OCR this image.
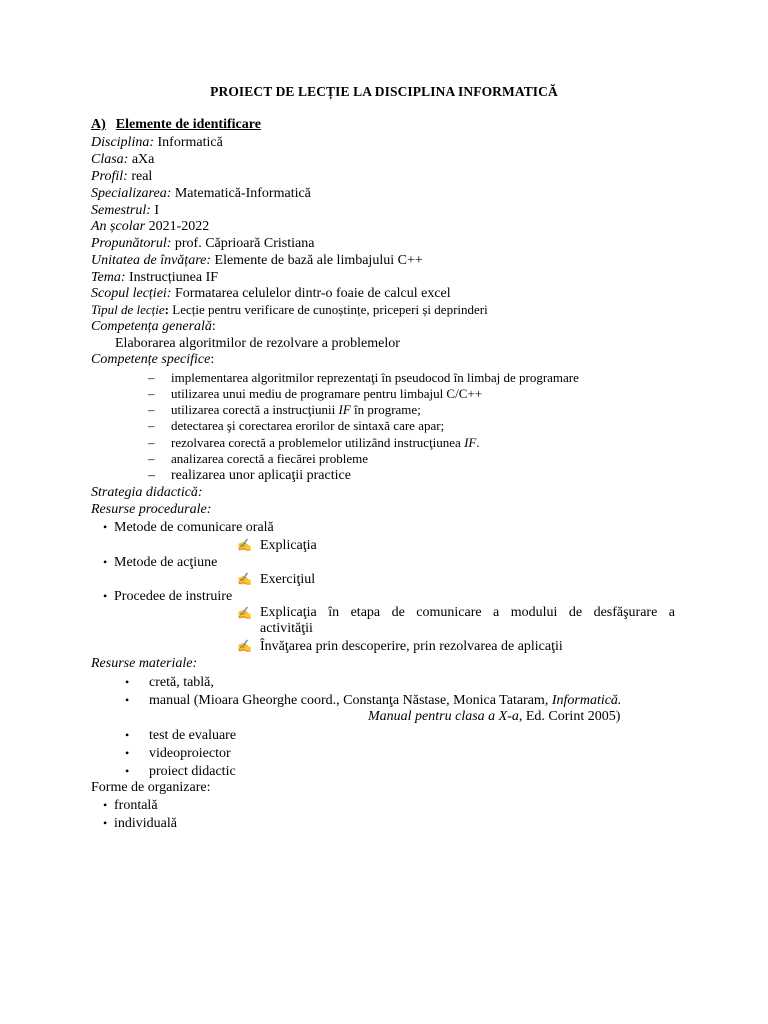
PROIECT DE LECȚIE LA DISCIPLINA INFORMATICĂ
A) Elemente de identificare
Disciplina: Informatică
Clasa: aXa
Profil: real
Specializarea: Matematică-Informatică
Semestrul: I
An școlar 2021-2022
Propunătorul: prof. Căprioară Cristiana
Unitatea de învățare: Elemente de bază ale limbajului C++
Tema: Instrucțiunea IF
Scopul lecției: Formatarea celulelor dintr-o foaie de calcul excel
Tipul de lecție: Lecție pentru verificare de cunoștințe, priceperi și deprinderi
Competența generală:
Elaborarea algoritmilor de rezolvare a problemelor
Competențe specifice:
– implementarea algoritmilor reprezentaţi în pseudocod în limbaj de programare
– utilizarea unui mediu de programare pentru limbajul C/C++
– utilizarea corectă a instrucţiunii IF în programe;
– detectarea şi corectarea erorilor de sintaxă care apar;
– rezolvarea corectă a problemelor utilizând instrucţiunea IF.
– analizarea corectă a fiecărei probleme
– realizarea unor aplicaţii practice
Strategia didactică:
Resurse procedurale:
• Metode de comunicare orală
✍ Explicaţia
• Metode de acţiune
✍ Exerciţiul
• Procedee de instruire
✍ Explicaţia în etapa de comunicare a modului de desfăşurare a
activităţii
✍ Învăţarea prin descoperire, prin rezolvarea de aplicaţii
Resurse materiale:
• cretă, tablă,
• manual (Mioara Gheorghe coord., Constanţa Năstase, Monica Tataram, Informatică.
Manual pentru clasa a X-a, Ed. Corint 2005)
• test de evaluare
• videoproiector
• proiect didactic
Forme de organizare:
• frontală
• individuală
